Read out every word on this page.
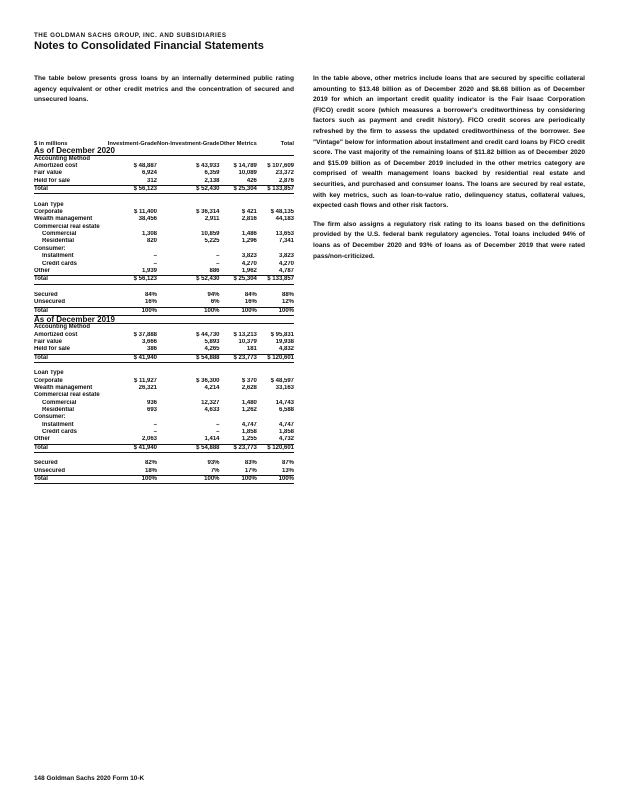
THE GOLDMAN SACHS GROUP, INC. AND SUBSIDIARIES
Notes to Consolidated Financial Statements

The table below presents gross loans by an internally determined public rating agency equivalent or other credit metrics and the concentration of secured and unsecured loans.

$ in millions	Investment-Grade	Non-Investment-Grade	Other Metrics	Total
As of December 2020				
Accounting Method				
Amortized cost	$ 48,887	$ 43,933	$ 14,789	$ 107,609
Fair value	6,924	6,359	10,089	23,372
Held for sale	312	2,138	426	2,876
Total	$ 56,123	$ 52,430	$ 25,304	$ 133,857

Loan Type				
Corporate	$ 11,400	$ 36,314	$ 421	$ 48,135
Wealth management	38,456	2,911	2,816	44,183
Commercial real estate				
Commercial	1,308	10,859	1,486	13,653
Residential	820	5,225	1,296	7,341
Consumer:				
Installment	–	–	3,823	3,823
Credit cards	–	–	4,270	4,270
Other	1,939	886	1,962	4,787
Total	$ 56,123	$ 52,430	$ 25,304	$ 133,857

Secured	84%	94%	84%	88%
Unsecured	16%	6%	16%	12%
Total	100%	100%	100%	100%
As of December 2019				
Accounting Method				
Amortized cost	$ 37,888	$ 44,730	$ 13,213	$ 95,831
Fair value	3,666	5,893	10,379	19,938
Held for sale	386	4,265	181	4,832
Total	$ 41,940	$ 54,888	$ 23,773	$ 120,601

Loan Type				
Corporate	$ 11,927	$ 36,300	$ 370	$ 48,597
Wealth management	26,321	4,214	2,628	33,163
Commercial real estate				
Commercial	936	12,327	1,480	14,743
Residential	693	4,633	1,262	6,588
Consumer:				
Installment	–	–	4,747	4,747
Credit cards	–	–	1,858	1,858
Other	2,063	1,414	1,255	4,732
Total	$ 41,940	$ 54,888	$ 23,773	$ 120,601

Secured	82%	93%	83%	87%
Unsecured	18%	7%	17%	13%
Total	100%	100%	100%	100%

In the table above, other metrics include loans that are secured by specific collateral amounting to $13.48 billion as of December 2020 and $8.68 billion as of December 2019 for which an important credit quality indicator is the Fair Isaac Corporation (FICO) credit score (which measures a borrower's creditworthiness by considering factors such as payment and credit history). FICO credit scores are periodically refreshed by the firm to assess the updated creditworthiness of the borrower. See "Vintage" below for information about installment and credit card loans by FICO credit score. The vast majority of the remaining loans of $11.82 billion as of December 2020 and $15.09 billion as of December 2019 included in the other metrics category are comprised of wealth management loans backed by residential real estate and securities, and purchased and consumer loans. The loans are secured by real estate, with key metrics, such as loan-to-value ratio, delinquency status, collateral values, expected cash flows and other risk factors.

The firm also assigns a regulatory risk rating to its loans based on the definitions provided by the U.S. federal bank regulatory agencies. Total loans included 94% of loans as of December 2020 and 93% of loans as of December 2019 that were rated pass/non-criticized.

148 Goldman Sachs 2020 Form 10-K
